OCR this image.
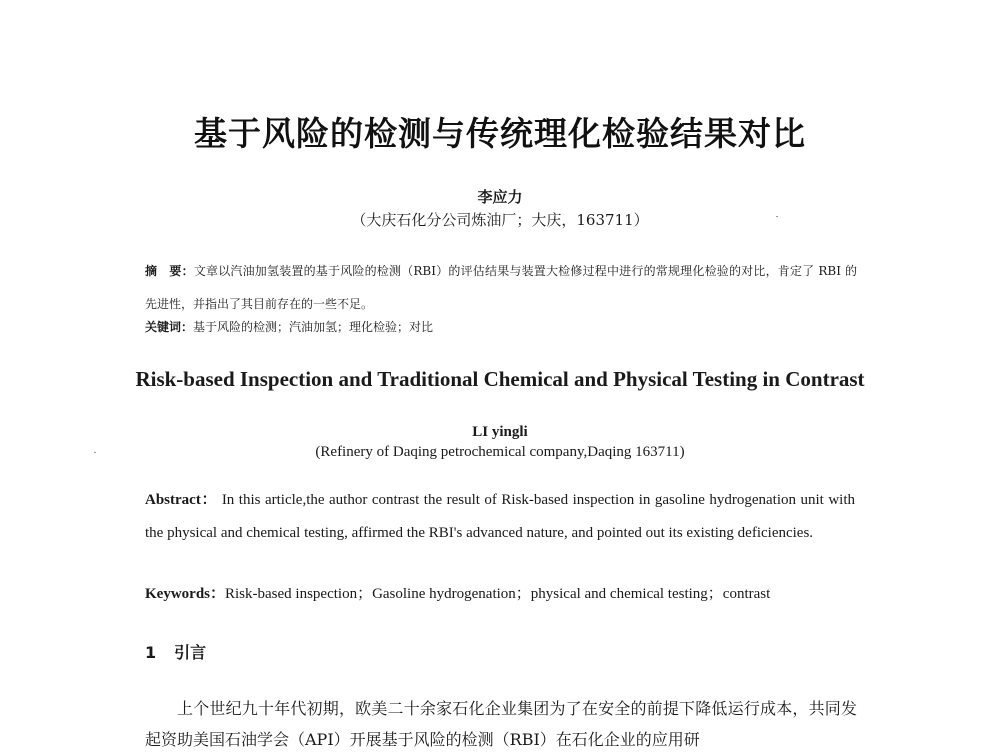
基于风险的检测与传统理化检验结果对比
李应力
（大庆石化分公司炼油厂；大庆，163711）
摘　要：文章以汽油加氢装置的基于风险的检测（RBI）的评估结果与装置大检修过程中进行的常规理化检验的对比，肯定了 RBI 的先进性，并指出了其目前存在的一些不足。
关键词：基于风险的检测；汽油加氢；理化检验；对比
Risk-based Inspection and Traditional Chemical and Physical Testing in Contrast
LI yingli
(Refinery of Daqing petrochemical company,Daqing 163711)
Abstract： In this article,the author contrast the result of Risk-based inspection in gasoline hydrogenation unit with the physical and chemical testing, affirmed the RBI's advanced nature, and pointed out its existing deficiencies.
Keywords：Risk-based inspection；Gasoline hydrogenation；physical and chemical testing；contrast
1 引言
上个世纪九十年代初期，欧美二十余家石化企业集团为了在安全的前提下降低运行成本，共同发起资助美国石油学会（API）开展基于风险的检测（RBI）在石化企业的应用研
